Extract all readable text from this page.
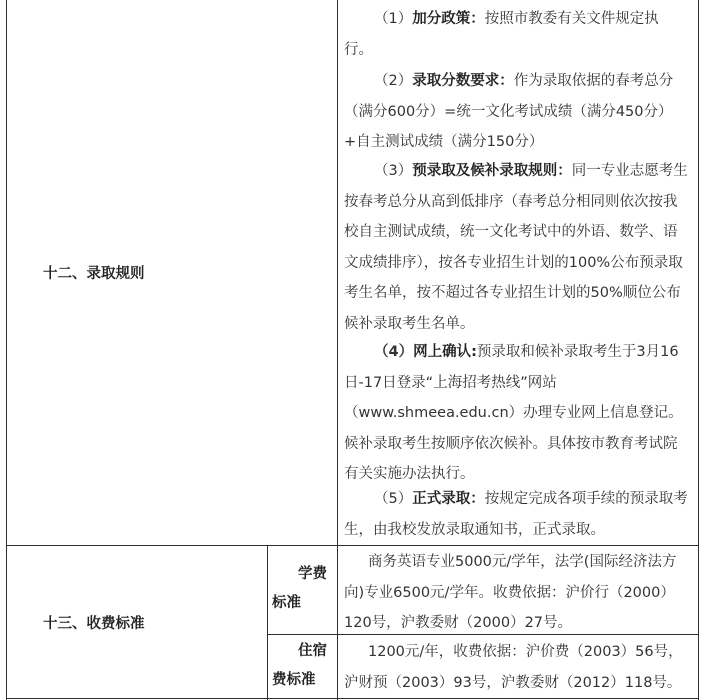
十二、录取规则
（1）加分政策：按照市教委有关文件规定执
行。
（2）录取分数要求：作为录取依据的春考总分（满分600分）=统一文化考试成绩（满分450分）+自主测试成绩（满分150分）
（3）预录取及候补录取规则：同一专业志愿考生按春考总分从高到低排序（春考总分相同则依次按我校自主测试成绩，统一文化考试中的外语、数学、语文成绩排序），按各专业招生计划的100%公布预录取考生名单，按不超过各专业招生计划的50%顺位公布候补录取考生名单。
（4）网上确认:预录取和候补录取考生于3月16日-17日登录“上海招考热线”网站（www.shmeea.edu.cn）办理专业网上信息登记。候补录取考生按顺序依次候补。具体按市教育考试院有关实施办法执行。
（5）正式录取：按规定完成各项手续的预录取考生，由我校发放录取通知书，正式录取。
十三、收费标准
学费
标准
商务英语专业5000元/学年，法学(国际经济法方向)专业6500元/学年。收费依据：沪价行（2000）120号，沪教委财（2000）27号。
住宿
费标准
1200元/年，收费依据：沪价费（2003）56号，沪财预（2003）93号，沪教委财（2012）118号。
